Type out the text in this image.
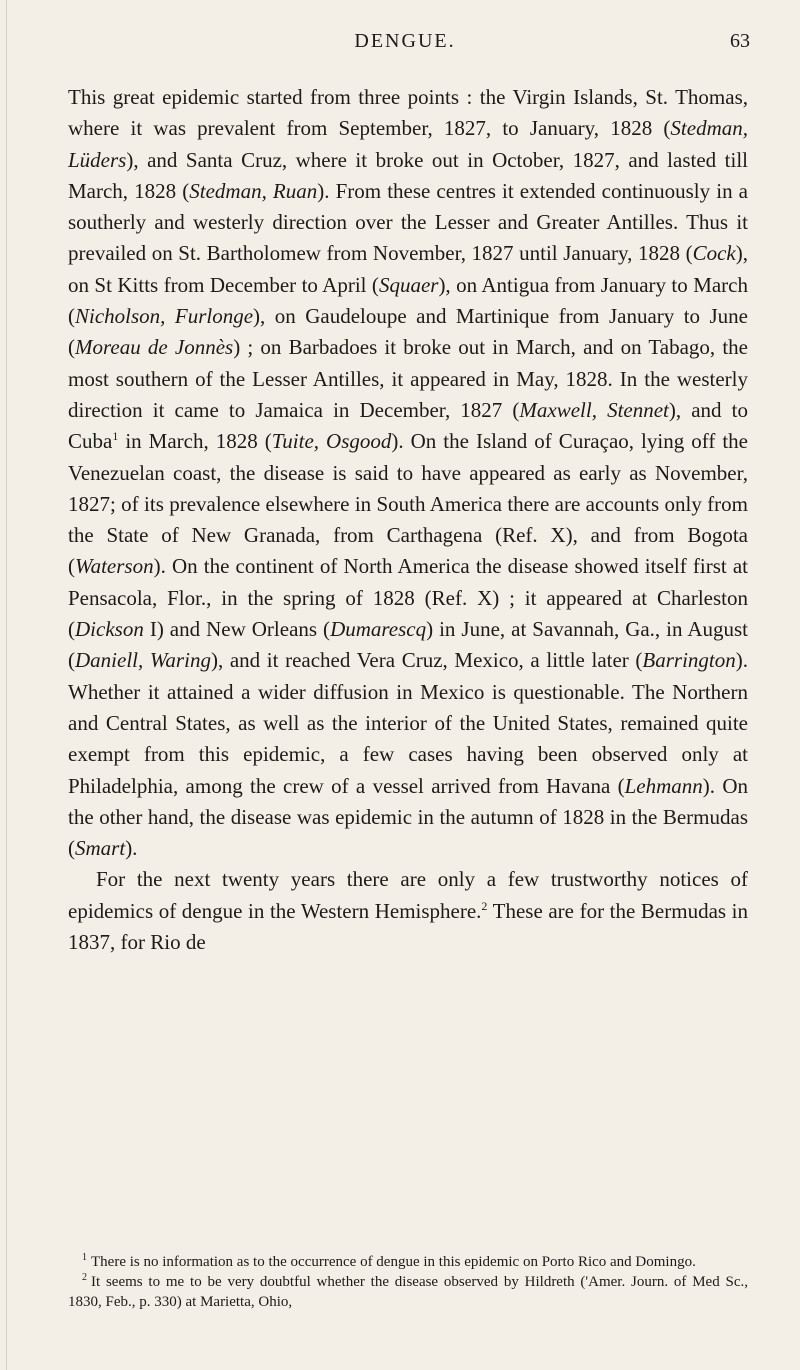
DENGUE.	63

This great epidemic started from three points : the Virgin Islands, St. Thomas, where it was prevalent from September, 1827, to January, 1828 (Stedman, Lüders), and Santa Cruz, where it broke out in October, 1827, and lasted till March, 1828 (Stedman, Ruan). From these centres it extended continuously in a southerly and westerly direction over the Lesser and Greater Antilles. Thus it prevailed on St. Bartholomew from November, 1827 until January, 1828 (Cock), on St Kitts from December to April (Squaer), on Antigua from January to March (Nicholson, Furlonge), on Gaudeloupe and Martinique from January to June (Moreau de Jonnès) ; on Barbadoes it broke out in March, and on Tabago, the most southern of the Lesser Antilles, it appeared in May, 1828. In the westerly direction it came to Jamaica in December, 1827 (Maxwell, Stennet), and to Cuba$^1$ in March, 1828 (Tuite, Osgood). On the Island of Curaçao, lying off the Venezuelan coast, the disease is said to have appeared as early as November, 1827; of its prevalence elsewhere in South America there are accounts only from the State of New Granada, from Carthagena (Ref. X), and from Bogota (Waterson). On the continent of North America the disease showed itself first at Pensacola, Flor., in the spring of 1828 (Ref. X) ; it appeared at Charleston (Dickson I) and New Orleans (Dumarescq) in June, at Savannah, Ga., in August (Daniell, Waring), and it reached Vera Cruz, Mexico, a little later (Barrington). Whether it attained a wider diffusion in Mexico is questionable. The Northern and Central States, as well as the interior of the United States, remained quite exempt from this epidemic, a few cases having been observed only at Philadelphia, among the crew of a vessel arrived from Havana (Lehmann). On the other hand, the disease was epidemic in the autumn of 1828 in the Bermudas (Smart).

For the next twenty years there are only a few trustworthy notices of epidemics of dengue in the Western Hemisphere.$^2$ These are for the Bermudas in 1837, for Rio de

$^1$ There is no information as to the occurrence of dengue in this epidemic on Porto Rico and Domingo.

$^2$ It seems to me to be very doubtful whether the disease observed by Hildreth ('Amer. Journ. of Med Sc., 1830, Feb., p. 330) at Marietta, Ohio,
